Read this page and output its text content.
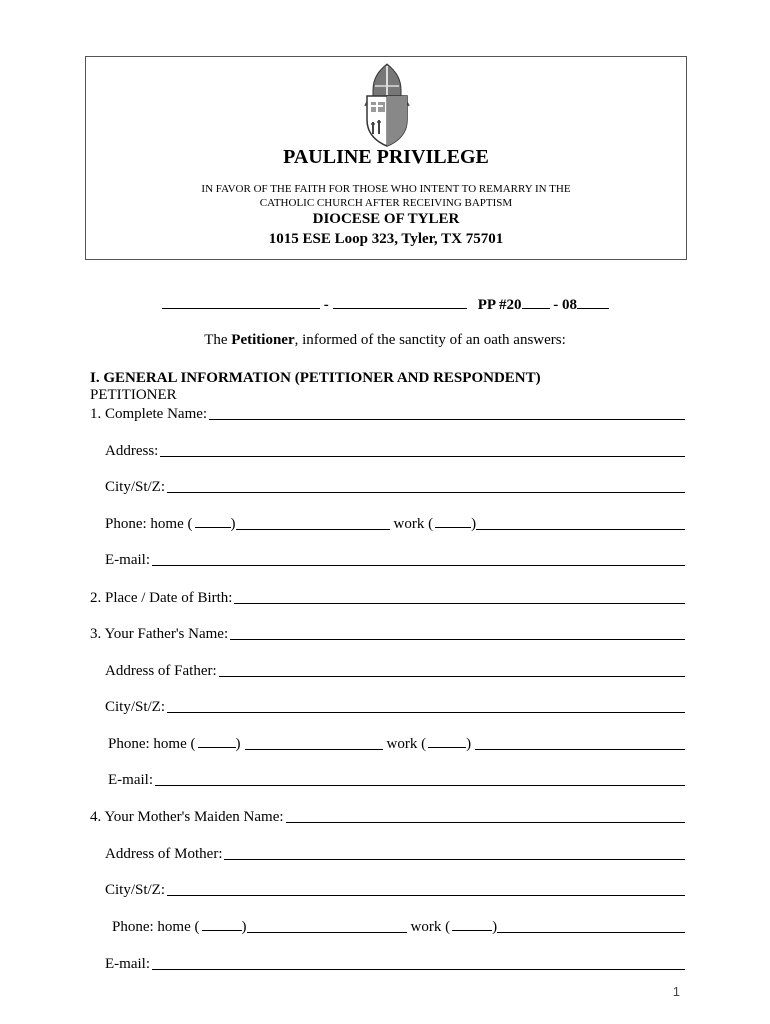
PAULINE PRIVILEGE
IN FAVOR OF THE FAITH FOR THOSE WHO INTENT TO REMARRY IN THE
CATHOLIC CHURCH AFTER RECEIVING BAPTISM
DIOCESE OF TYLER
1015 ESE Loop 323, Tyler, TX 75701
-	PP #20 - 08
The Petitioner, informed of the sanctity of an oath answers:
I. GENERAL INFORMATION (PETITIONER AND RESPONDENT)
PETITIONER
1. Complete Name:
Address:
City/St/Z:
Phone: home (	)	work (	)
E-mail:
2. Place / Date of Birth:
3. Your Father's Name:
Address of Father:
City/St/Z:
Phone: home (	)	work (	)
E-mail:
4. Your Mother's Maiden Name:
Address of Mother:
City/St/Z:
Phone: home (	)	work (	)
E-mail:
1
